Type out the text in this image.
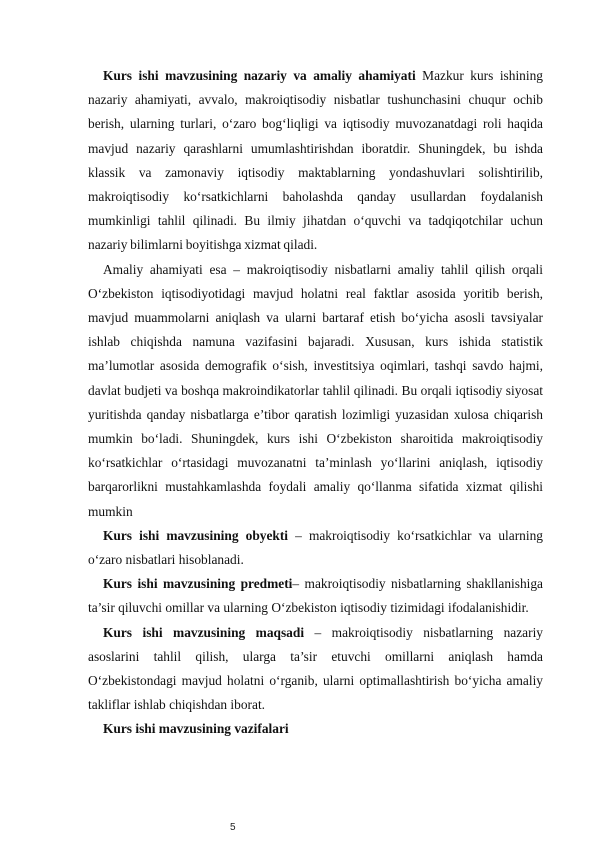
Kurs ishi mavzusining nazariy va amaliy ahamiyati Mazkur kurs ishining nazariy ahamiyati, avvalo, makroiqtisodiy nisbatlar tushunchasini chuqur ochib berish, ularning turlari, o‘zaro bog‘liqligi va iqtisodiy muvozanatdagi roli haqida mavjud nazariy qarashlarni umumlashtirishdan iboratdir. Shuningdek, bu ishda klassik va zamonaviy iqtisodiy maktablarning yondashuvlari solishtirilib, makroiqtisodiy ko‘rsatkichlarni baholashda qanday usullardan foydalanish mumkinligi tahlil qilinadi. Bu ilmiy jihatdan o‘quvchi va tadqiqotchilar uchun nazariy bilimlarni boyitishga xizmat qiladi.

Amaliy ahamiyati esa – makroiqtisodiy nisbatlarni amaliy tahlil qilish orqali O‘zbekiston iqtisodiyotidagi mavjud holatni real faktlar asosida yoritib berish, mavjud muammolarni aniqlash va ularni bartaraf etish bo‘yicha asosli tavsiyalar ishlab chiqishda namuna vazifasini bajaradi. Xususan, kurs ishida statistik ma’lumotlar asosida demografik o‘sish, investitsiya oqimlari, tashqi savdo hajmi, davlat budjeti va boshqa makroindikatorlar tahlil qilinadi. Bu orqali iqtisodiy siyosat yuritishda qanday nisbatlarga e’tibor qaratish lozimligi yuzasidan xulosa chiqarish mumkin bo‘ladi. Shuningdek, kurs ishi O‘zbekiston sharoitida makroiqtisodiy ko‘rsatkichlar o‘rtasidagi muvozanatni ta’minlash yo‘llarini aniqlash, iqtisodiy barqarorlikni mustahkamlashda foydali amaliy qo‘llanma sifatida xizmat qilishi mumkin

Kurs ishi mavzusining obyekti – makroiqtisodiy ko‘rsatkichlar va ularning o‘zaro nisbatlari hisoblanadi.

Kurs ishi mavzusining predmeti– makroiqtisodiy nisbatlarning shakllanishiga ta’sir qiluvchi omillar va ularning O‘zbekiston iqtisodiy tizimidagi ifodalanishidir.

Kurs ishi mavzusining maqsadi – makroiqtisodiy nisbatlarning nazariy asoslarini tahlil qilish, ularga ta’sir etuvchi omillarni aniqlash hamda O‘zbekistondagi mavjud holatni o‘rganib, ularni optimallashtirish bo‘yicha amaliy takliflar ishlab chiqishdan iborat.

Kurs ishi mavzusining vazifalari

5
